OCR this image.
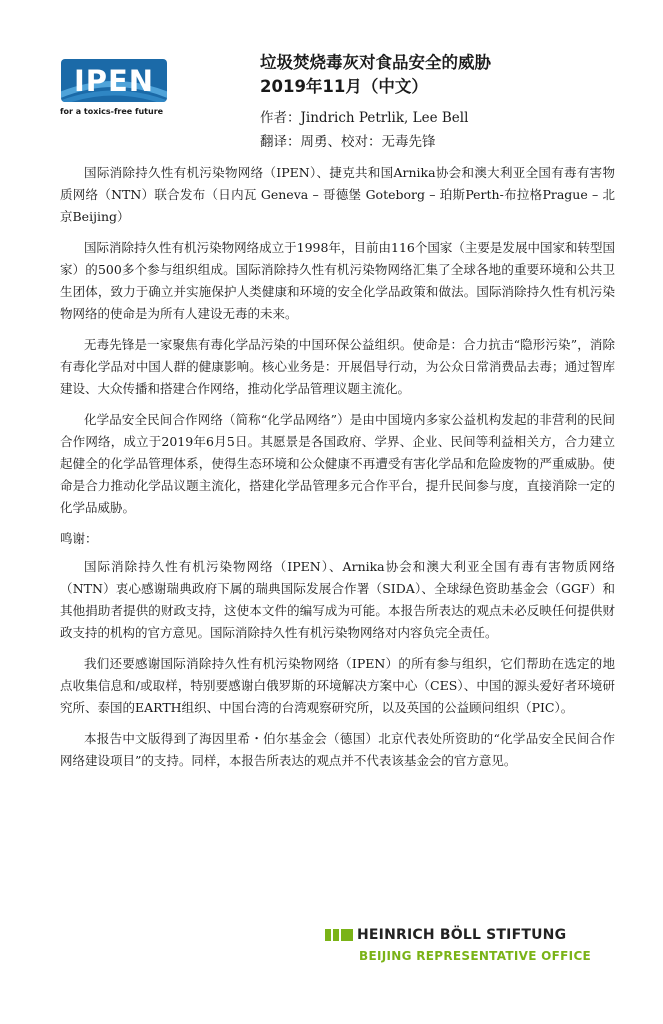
IPEN
for a toxics-free future
垃圾焚烧毒灰对食品安全的威胁
2019年11月（中文）
作者：Jindrich Petrlik, Lee Bell
翻译：周勇、校对：无毒先锋

国际消除持久性有机污染物网络（IPEN）、捷克共和国Arnika协会和澳大利亚全国有毒有害物质网络（NTN）联合发布（日内瓦 Geneva – 哥德堡 Goteborg – 珀斯Perth-布拉格Prague – 北京Beijing）

国际消除持久性有机污染物网络成立于1998年，目前由116个国家（主要是发展中国家和转型国家）的500多个参与组织组成。国际消除持久性有机污染物网络汇集了全球各地的重要环境和公共卫生团体，致力于确立并实施保护人类健康和环境的安全化学品政策和做法。国际消除持久性有机污染物网络的使命是为所有人建设无毒的未来。

无毒先锋是一家聚焦有毒化学品污染的中国环保公益组织。使命是：合力抗击“隐形污染”，消除有毒化学品对中国人群的健康影响。核心业务是：开展倡导行动，为公众日常消费品去毒；通过智库建设、大众传播和搭建合作网络，推动化学品管理议题主流化。

化学品安全民间合作网络（简称“化学品网络”）是由中国境内多家公益机构发起的非营利的民间合作网络，成立于2019年6月5日。其愿景是各国政府、学界、企业、民间等利益相关方，合力建立起健全的化学品管理体系，使得生态环境和公众健康不再遭受有害化学品和危险废物的严重威胁。使命是合力推动化学品议题主流化，搭建化学品管理多元合作平台，提升民间参与度，直接消除一定的化学品威胁。

鸣谢：

国际消除持久性有机污染物网络（IPEN）、Arnika协会和澳大利亚全国有毒有害物质网络（NTN）衷心感谢瑞典政府下属的瑞典国际发展合作署（SIDA）、全球绿色资助基金会（GGF）和其他捐助者提供的财政支持，这使本文件的编写成为可能。本报告所表达的观点未必反映任何提供财政支持的机构的官方意见。国际消除持久性有机污染物网络对内容负完全责任。

我们还要感谢国际消除持久性有机污染物网络（IPEN）的所有参与组织，它们帮助在选定的地点收集信息和/或取样，特别要感谢白俄罗斯的环境解决方案中心（CES）、中国的源头爱好者环境研究所、泰国的EARTH组织、中国台湾的台湾观察研究所，以及英国的公益顾问组织（PIC）。

本报告中文版得到了海因里希・伯尔基金会（德国）北京代表处所资助的“化学品安全民间合作网络建设项目”的支持。同样，本报告所表达的观点并不代表该基金会的官方意见。

HEINRICH BÖLL STIFTUNG
BEIJING REPRESENTATIVE OFFICE
